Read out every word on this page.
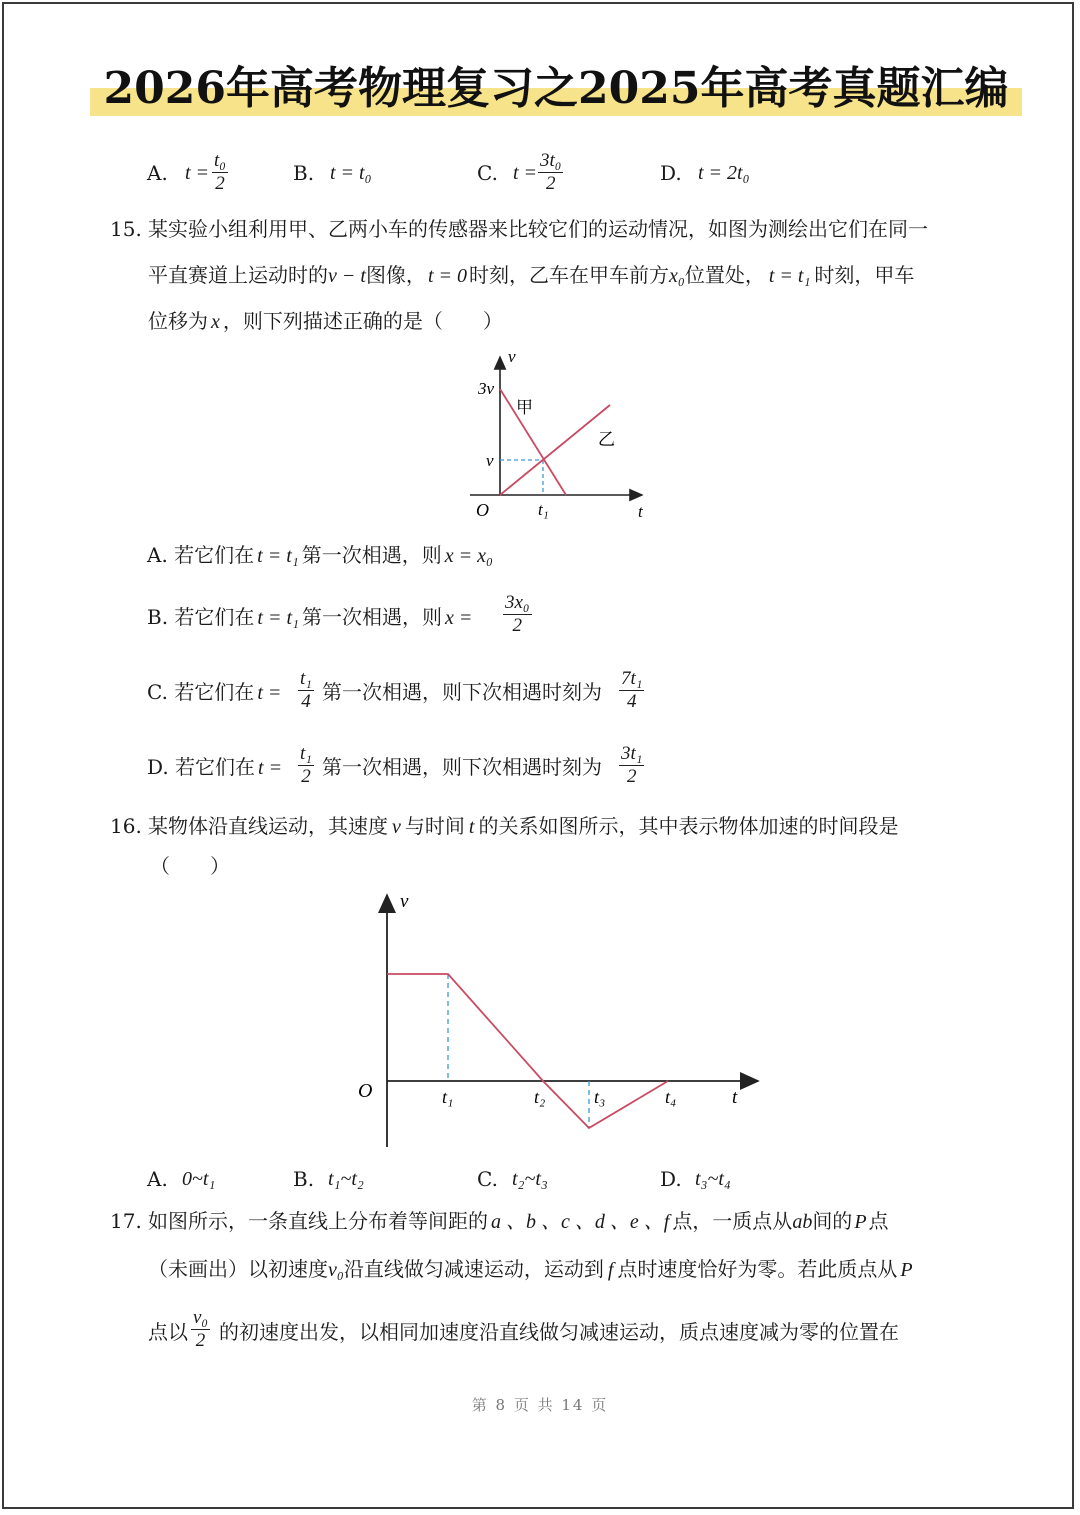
2026年高考物理复习之2025年高考真题汇编
A. $t = \frac{\text{t₀}}{2}$	B. t = t₀	C. $t = \frac{\text{3t₀}}{2}$	D. t = 2t₀
15. 某实验小组利用甲、乙两小车的传感器来比较它们的运动情况，如图为测绘出它们在同一
平直赛道上运动时的v − t图像， t = 0 时刻，乙车在甲车前方x₀位置处， t = t₁ 时刻，甲车
位移为 x ，则下列描述正确的是（　　）
v
t
O
3v
v
t₁
甲
乙
A. 若它们在 t = t₁ 第一次相遇，则 x = x₀
B. 若它们在 t = t₁ 第一次相遇，则 $x = \frac{\text{3x₀}}{2}$
C. 若它们在 $t = \frac{\text{t₁}}{4}$ 第一次相遇，则下次相遇时刻为 $\frac{\text{7t₁}}{4}$
D. 若它们在 $t = \frac{\text{t₁}}{2}$ 第一次相遇，则下次相遇时刻为 $\frac{\text{3t₁}}{2}$
16. 某物体沿直线运动，其速度 v 与时间 t 的关系如图所示，其中表示物体加速的时间段是
（　　）
v
t
O	t₁	t₂	t₃	t₄
A. 0~t₁	B. t₁~t₂	C. t₂~t₃	D. t₃~t₄
17. 如图所示，一条直线上分布着等间距的 a 、b 、c 、d 、e 、f 点，一质点从ab间的 P 点
（未画出）以初速度v₀沿直线做匀减速运动，运动到 f 点时速度恰好为零。若此质点从 P
点以 $\frac{\text{v₀}}{2}$ 的初速度出发，以相同加速度沿直线做匀减速运动，质点速度减为零的位置在
第 8 页 共 14 页
